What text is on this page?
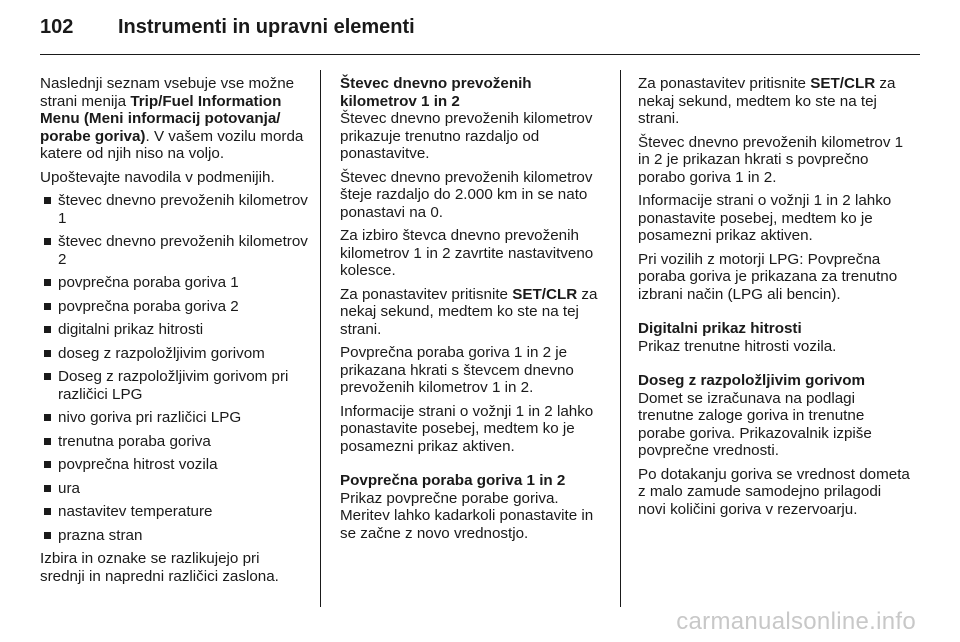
102	Instrumenti in upravni elementi

Naslednji seznam vsebuje vse možne strani menija Trip/Fuel Information Menu (Meni informacij potovanja/ porabe goriva). V vašem vozilu morda katere od njih niso na voljo.

Upoštevajte navodila v podmenijih.

števec dnevno prevoženih kilometrov 1
števec dnevno prevoženih kilometrov 2
povprečna poraba goriva 1
povprečna poraba goriva 2
digitalni prikaz hitrosti
doseg z razpoložljivim gorivom
Doseg z razpoložljivim gorivom pri različici LPG
nivo goriva pri različici LPG
trenutna poraba goriva
povprečna hitrost vozila
ura
nastavitev temperature
prazna stran

Izbira in oznake se razlikujejo pri srednji in napredni različici zaslona.

Števec dnevno prevoženih kilometrov 1 in 2

Števec dnevno prevoženih kilometrov prikazuje trenutno razdaljo od ponastavitve.

Števec dnevno prevoženih kilometrov šteje razdaljo do 2.000 km in se nato ponastavi na 0.

Za izbiro števca dnevno prevoženih kilometrov 1 in 2 zavrtite nastavitveno kolesce.

Za ponastavitev pritisnite SET/CLR za nekaj sekund, medtem ko ste na tej strani.

Povprečna poraba goriva 1 in 2 je prikazana hkrati s števcem dnevno prevoženih kilometrov 1 in 2.

Informacije strani o vožnji 1 in 2 lahko ponastavite posebej, medtem ko je posamezni prikaz aktiven.

Povprečna poraba goriva 1 in 2

Prikaz povprečne porabe goriva. Meritev lahko kadarkoli ponastavite in se začne z novo vrednostjo.

Za ponastavitev pritisnite SET/CLR za nekaj sekund, medtem ko ste na tej strani.

Števec dnevno prevoženih kilometrov 1 in 2 je prikazan hkrati s povprečno porabo goriva 1 in 2.

Informacije strani o vožnji 1 in 2 lahko ponastavite posebej, medtem ko je posamezni prikaz aktiven.

Pri vozilih z motorji LPG: Povprečna poraba goriva je prikazana za trenutno izbrani način (LPG ali bencin).

Digitalni prikaz hitrosti

Prikaz trenutne hitrosti vozila.

Doseg z razpoložljivim gorivom

Domet se izračunava na podlagi trenutne zaloge goriva in trenutne porabe goriva. Prikazovalnik izpiše povprečne vrednosti.

Po dotakanju goriva se vrednost dometa z malo zamude samodejno prilagodi novi količini goriva v rezervoarju.

carmanualsonline.info
